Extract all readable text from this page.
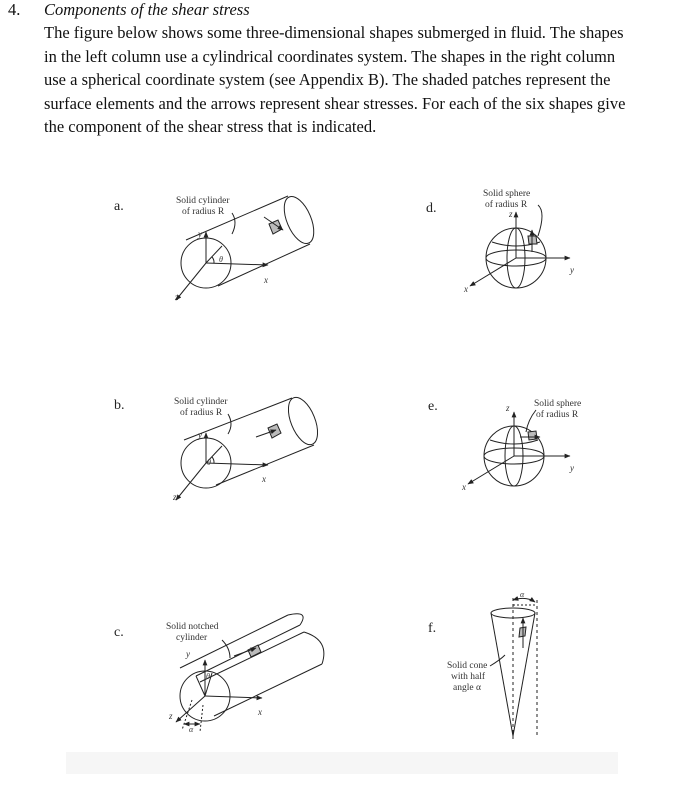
4. Components of the shear stress
The figure below shows some three-dimensional shapes submerged in fluid. The shapes
in the left column use a cylindrical coordinates system. The shapes in the right column
use a spherical coordinate system (see Appendix B). The shaded patches represent the
surface elements and the arrows represent shear stresses. For each of the six shapes give
the component of the shear stress that is indicated.
a.	Solid cylinder
of radius R
y
x
z
θ
b.	Solid cylinder
of radius R
y
x
z
θ
c.	Solid notched
cylinder
y
x
z
θ
α
d.
Solid sphere
of radius R
z
y
x
e.	Solid sphere
of radius R
z
y
x
f.
α
Solid cone
with half
angle α
